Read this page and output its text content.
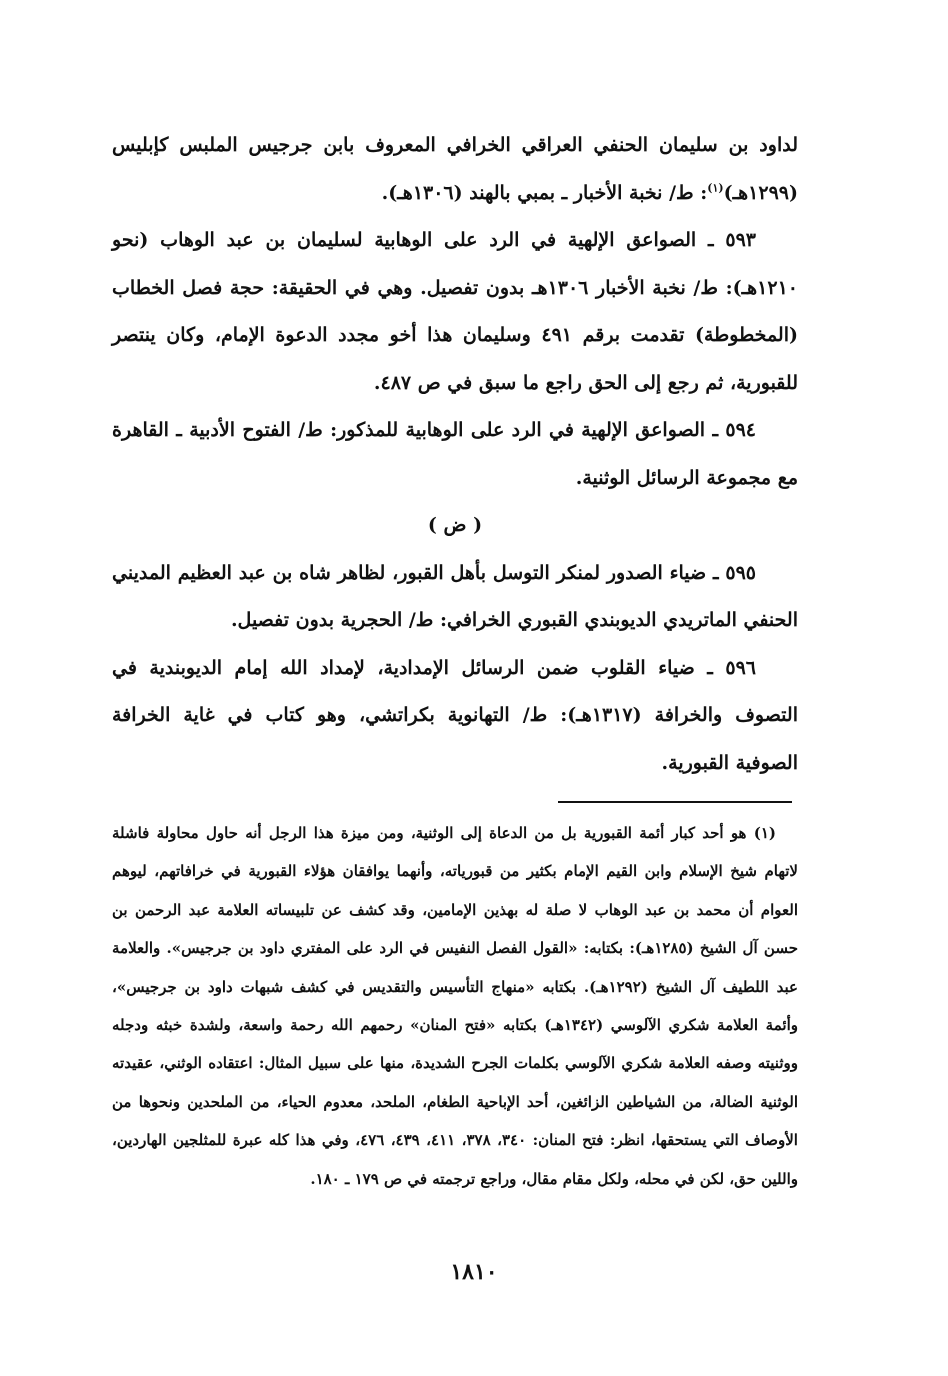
لداود بن سليمان الحنفي العراقي الخرافي المعروف بابن جرجيس الملبس كإبليس (١٢٩٩هـ)$^{(١)}$: ط/ نخبة الأخبار ـ بمبي بالهند (١٣٠٦هـ).

٥٩٣ ـ الصواعق الإلهية في الرد على الوهابية لسليمان بن عبد الوهاب (نحو ١٢١٠هـ): ط/ نخبة الأخبار ١٣٠٦هـ بدون تفصيل. وهي في الحقيقة: حجة فصل الخطاب (المخطوطة) تقدمت برقم ٤٩١ وسليمان هذا أخو مجدد الدعوة الإمام، وكان ينتصر للقبورية، ثم رجع إلى الحق راجع ما سبق في ص ٤٨٧.

٥٩٤ ـ الصواعق الإلهية في الرد على الوهابية للمذكور: ط/ الفتوح الأدبية ـ القاهرة مع مجموعة الرسائل الوثنية.

( ض )

٥٩٥ ـ ضياء الصدور لمنكر التوسل بأهل القبور، لظاهر شاه بن عبد العظيم المديني الحنفي الماتريدي الديوبندي القبوري الخرافي: ط/ الحجرية بدون تفصيل.

٥٩٦ ـ ضياء القلوب ضمن الرسائل الإمدادية، لإمداد الله إمام الديوبندية في التصوف والخرافة (١٣١٧هـ): ط/ التهانوية بكراتشي، وهو كتاب في غاية الخرافة الصوفية القبورية.

(١) هو أحد كبار أئمة القبورية بل من الدعاة إلى الوثنية، ومن ميزة هذا الرجل أنه حاول محاولة فاشلة لاتهام شيخ الإسلام وابن القيم الإمام بكثير من قبورياته، وأنهما يوافقان هؤلاء القبورية في خرافاتهم، ليوهم العوام أن محمد بن عبد الوهاب لا صلة له بهذين الإمامين، وقد كشف عن تلبيساته العلامة عبد الرحمن بن حسن آل الشيخ (١٢٨٥هـ): بكتابه: «القول الفصل النفيس في الرد على المفتري داود بن جرجيس». والعلامة عبد اللطيف آل الشيخ (١٢٩٢هـ). بكتابه «منهاج التأسيس والتقديس في كشف شبهات داود بن جرجيس»، وأئمة العلامة شكري الآلوسي (١٣٤٢هـ) بكتابه «فتح المنان» رحمهم الله رحمة واسعة، ولشدة خبثه ودجله ووثنيته وصفه العلامة شكري الآلوسي بكلمات الجرح الشديدة، منها على سبيل المثال: اعتقاده الوثني، عقيدته الوثنية الضالة، من الشياطين الزائغين، أحد الإباحية الطغام، الملحد، معدوم الحياء، من الملحدين ونحوها من الأوصاف التي يستحقها، انظر: فتح المنان: ٣٤٠، ٣٧٨، ٤١١، ٤٣٩، ٤٧٦، وفي هذا كله عبرة للمثلجين الهاردين، واللين حق، لكن في محله، ولكل مقام مقال، وراجع ترجمته في ص ١٧٩ ـ ١٨٠.

١٨١٠
